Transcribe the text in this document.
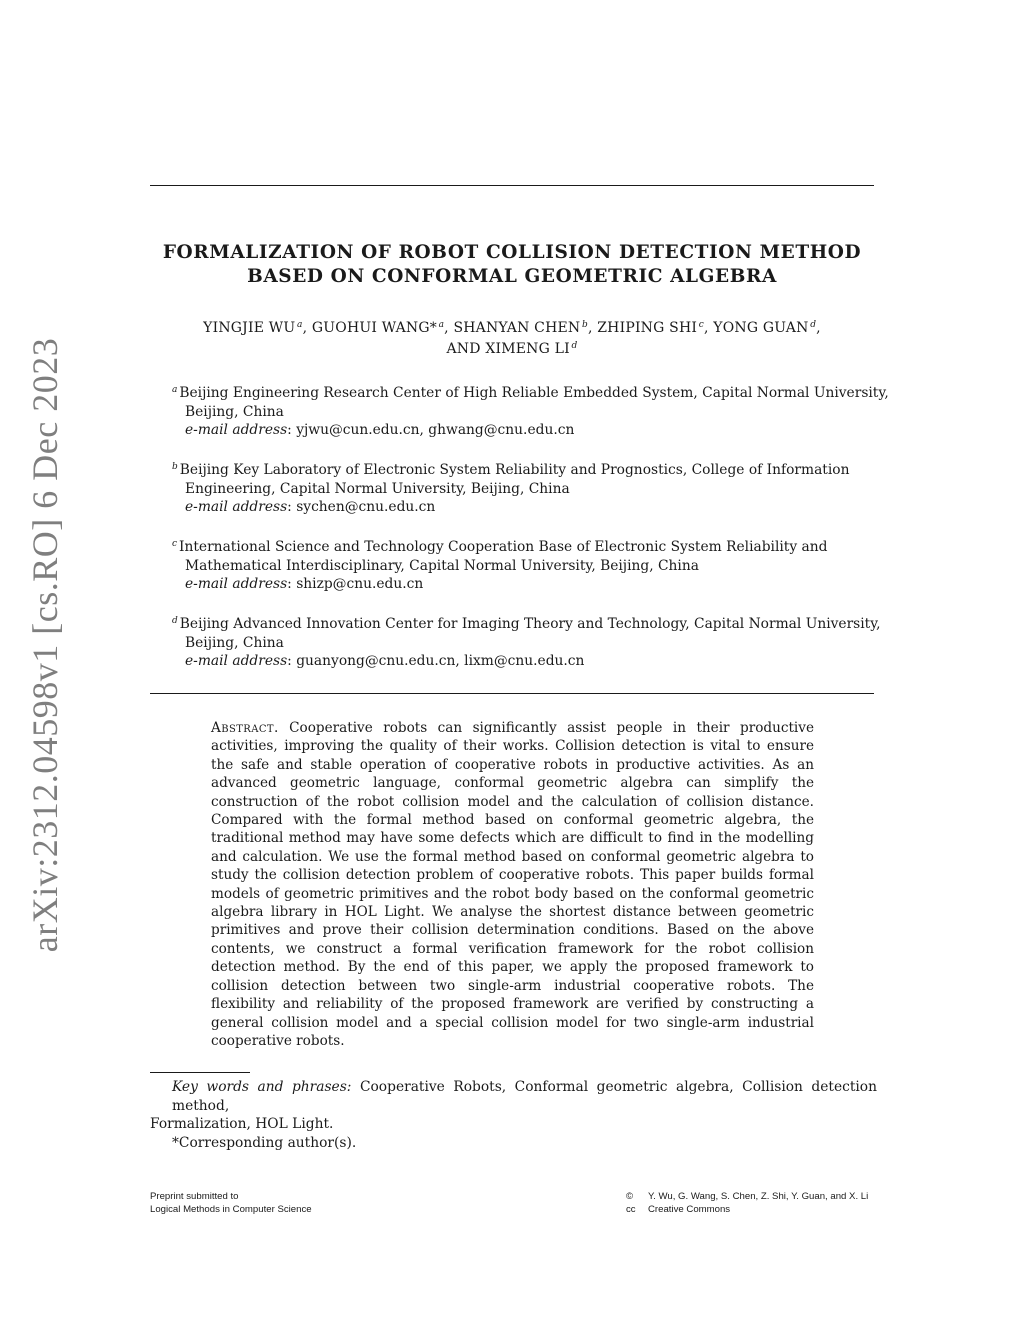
arXiv:2312.04598v1 [cs.RO] 6 Dec 2023
FORMALIZATION OF ROBOT COLLISION DETECTION METHOD
BASED ON CONFORMAL GEOMETRIC ALGEBRA
YINGJIE WU  $^a$, GUOHUI WANG*  $^a$, SHANYAN CHEN  $^b$, ZHIPING SHI  $^c$, YONG GUAN  $^d$,
AND XIMENG LI  $^d$
$^a$ Beijing Engineering Research Center of High Reliable Embedded System, Capital Normal University,
Beijing, China
e-mail address: yjwu@cun.edu.cn, ghwang@cnu.edu.cn
$^b$ Beijing Key Laboratory of Electronic System Reliability and Prognostics, College of Information
Engineering, Capital Normal University, Beijing, China
e-mail address: sychen@cnu.edu.cn
$^c$ International Science and Technology Cooperation Base of Electronic System Reliability and
Mathematical Interdisciplinary, Capital Normal University, Beijing, China
e-mail address: shizp@cnu.edu.cn
$^d$ Beijing Advanced Innovation Center for Imaging Theory and Technology, Capital Normal University,
Beijing, China
e-mail address: guanyong@cnu.edu.cn, lixm@cnu.edu.cn
Abstract. Cooperative robots can significantly assist people in their productive activities, improving the quality of their works. Collision detection is vital to ensure the safe and stable operation of cooperative robots in productive activities. As an advanced geometric language, conformal geometric algebra can simplify the construction of the robot collision model and the calculation of collision distance. Compared with the formal method based on conformal geometric algebra, the traditional method may have some defects which are difficult to find in the modelling and calculation. We use the formal method based on conformal geometric algebra to study the collision detection problem of cooperative robots. This paper builds formal models of geometric primitives and the robot body based on the conformal geometric algebra library in HOL Light. We analyse the shortest distance between geometric primitives and prove their collision determination conditions. Based on the above contents, we construct a formal verification framework for the robot collision detection method. By the end of this paper, we apply the proposed framework to collision detection between two single-arm industrial cooperative robots. The flexibility and reliability of the proposed framework are verified by constructing a general collision model and a special collision model for two single-arm industrial cooperative robots.
Key words and phrases: Cooperative Robots, Conformal geometric algebra, Collision detection method,
Formalization, HOL Light.
*Corresponding author(s).
Preprint submitted to
Logical Methods in Computer Science
© Y. Wu, G. Wang, S. Chen, Z. Shi, Y. Guan, and X. Li
cc Creative Commons
